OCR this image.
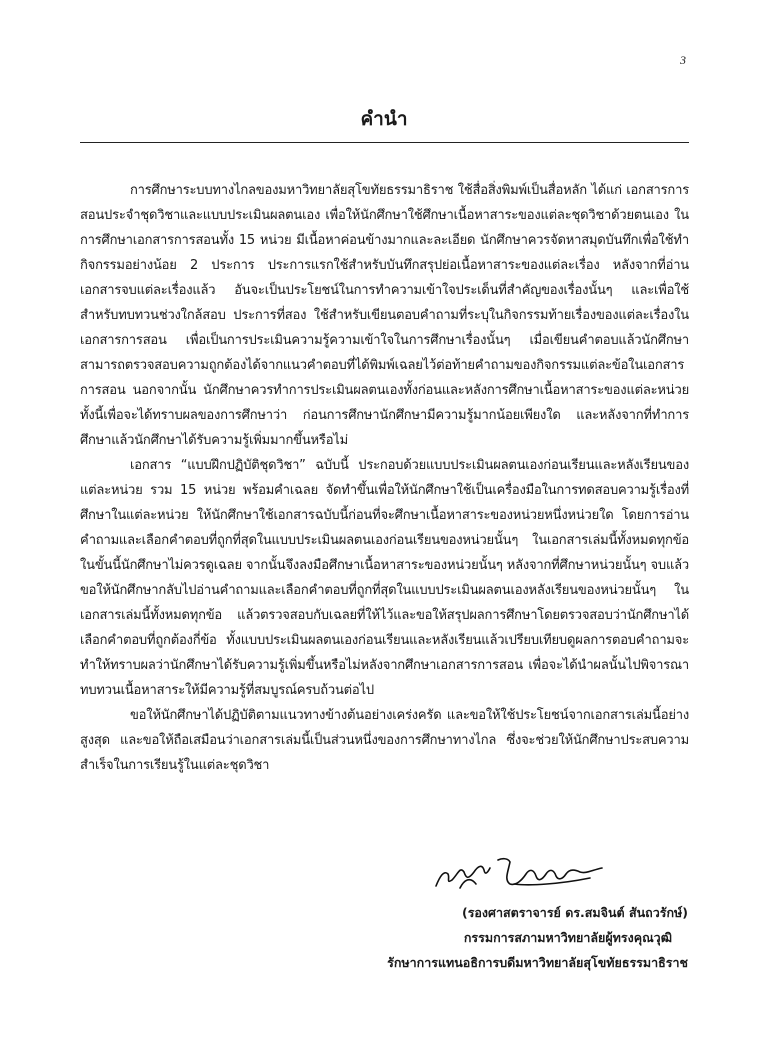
3
คำนำ

การศึกษาระบบทางไกลของมหาวิทยาลัยสุโขทัยธรรมาธิราช ใช้สื่อสิ่งพิมพ์เป็นสื่อหลัก ได้แก่ เอกสารการสอนประจำชุดวิชาและแบบประเมินผลตนเอง เพื่อให้นักศึกษาใช้ศึกษาเนื้อหาสาระของแต่ละชุดวิชาด้วยตนเอง ในการศึกษาเอกสารการสอนทั้ง 15 หน่วย มีเนื้อหาค่อนข้างมากและละเอียด นักศึกษาควรจัดหาสมุดบันทึกเพื่อใช้ทำกิจกรรมอย่างน้อย 2 ประการ ประการแรกใช้สำหรับบันทึกสรุปย่อเนื้อหาสาระของแต่ละเรื่อง หลังจากที่อ่านเอกสารจบแต่ละเรื่องแล้ว อันจะเป็นประโยชน์ในการทำความเข้าใจประเด็นที่สำคัญของเรื่องนั้นๆ และเพื่อใช้สำหรับทบทวนช่วงใกล้สอบ ประการที่สอง ใช้สำหรับเขียนตอบคำถามที่ระบุในกิจกรรมท้ายเรื่องของแต่ละเรื่องในเอกสารการสอน เพื่อเป็นการประเมินความรู้ความเข้าใจในการศึกษาเรื่องนั้นๆ เมื่อเขียนคำตอบแล้วนักศึกษาสามารถตรวจสอบความถูกต้องได้จากแนวคำตอบที่ได้พิมพ์เฉลยไว้ต่อท้ายคำถามของกิจกรรมแต่ละข้อในเอกสารการสอน นอกจากนั้น นักศึกษาควรทำการประเมินผลตนเองทั้งก่อนและหลังการศึกษาเนื้อหาสาระของแต่ละหน่วย ทั้งนี้เพื่อจะได้ทราบผลของการศึกษาว่า ก่อนการศึกษานักศึกษามีความรู้มากน้อยเพียงใด และหลังจากที่ทำการศึกษาแล้วนักศึกษาได้รับความรู้เพิ่มมากขึ้นหรือไม่

เอกสาร “แบบฝึกปฏิบัติชุดวิชา” ฉบับนี้ ประกอบด้วยแบบประเมินผลตนเองก่อนเรียนและหลังเรียนของแต่ละหน่วย รวม 15 หน่วย พร้อมคำเฉลย จัดทำขึ้นเพื่อให้นักศึกษาใช้เป็นเครื่องมือในการทดสอบความรู้เรื่องที่ศึกษาในแต่ละหน่วย ให้นักศึกษาใช้เอกสารฉบับนี้ก่อนที่จะศึกษาเนื้อหาสาระของหน่วยหนึ่งหน่วยใด โดยการอ่านคำถามและเลือกคำตอบที่ถูกที่สุดในแบบประเมินผลตนเองก่อนเรียนของหน่วยนั้นๆ ในเอกสารเล่มนี้ทั้งหมดทุกข้อ ในขั้นนี้นักศึกษาไม่ควรดูเฉลย จากนั้นจึงลงมือศึกษาเนื้อหาสาระของหน่วยนั้นๆ หลังจากที่ศึกษาหน่วยนั้นๆ จบแล้ว ขอให้นักศึกษากลับไปอ่านคำถามและเลือกคำตอบที่ถูกที่สุดในแบบประเมินผลตนเองหลังเรียนของหน่วยนั้นๆ ในเอกสารเล่มนี้ทั้งหมดทุกข้อ แล้วตรวจสอบกับเฉลยที่ให้ไว้และขอให้สรุปผลการศึกษาโดยตรวจสอบว่านักศึกษาได้เลือกคำตอบที่ถูกต้องกี่ข้อ ทั้งแบบประเมินผลตนเองก่อนเรียนและหลังเรียนแล้วเปรียบเทียบดูผลการตอบคำถามจะทำให้ทราบผลว่านักศึกษาได้รับความรู้เพิ่มขึ้นหรือไม่หลังจากศึกษาเอกสารการสอน เพื่อจะได้นำผลนั้นไปพิจารณาทบทวนเนื้อหาสาระให้มีความรู้ที่สมบูรณ์ครบถ้วนต่อไป

ขอให้นักศึกษาได้ปฏิบัติตามแนวทางข้างต้นอย่างเคร่งครัด และขอให้ใช้ประโยชน์จากเอกสารเล่มนี้อย่างสูงสุด และขอให้ถือเสมือนว่าเอกสารเล่มนี้เป็นส่วนหนึ่งของการศึกษาทางไกล ซึ่งจะช่วยให้นักศึกษาประสบความสำเร็จในการเรียนรู้ในแต่ละชุดวิชา

(รองศาสตราจารย์ ดร.สมจินต์ สันถวรักษ์)
กรรมการสภามหาวิทยาลัยผู้ทรงคุณวุฒิ
รักษาการแทนอธิการบดีมหาวิทยาลัยสุโขทัยธรรมาธิราช
